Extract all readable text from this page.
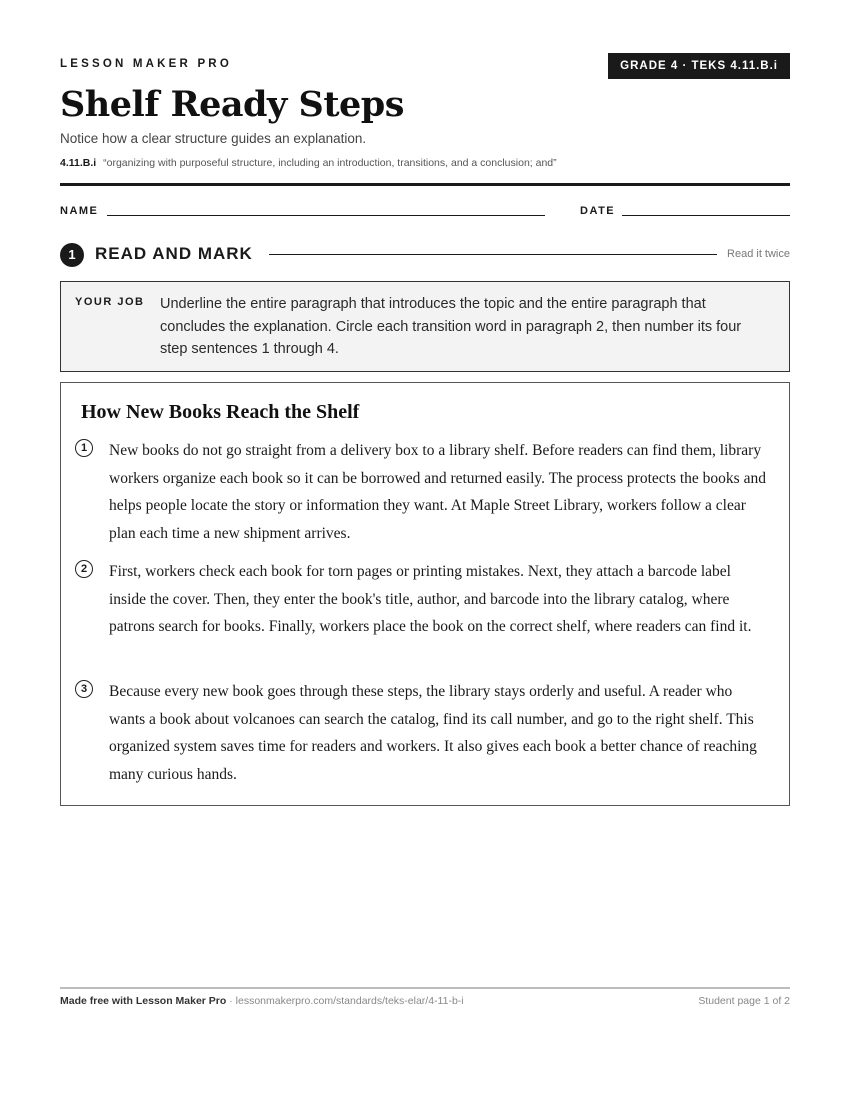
LESSON MAKER PRO	GRADE 4 · TEKS 4.11.B.i
Shelf Ready Steps
Notice how a clear structure guides an explanation.
4.11.B.i “organizing with purposeful structure, including an introduction, transitions, and a conclusion; and”
NAME	DATE
1	READ AND MARK	Read it twice
YOUR JOB Underline the entire paragraph that introduces the topic and the entire paragraph that concludes the explanation. Circle each transition word in paragraph 2, then number its four step sentences 1 through 4.
How New Books Reach the Shelf
1	New books do not go straight from a delivery box to a library shelf. Before readers can find them, library workers organize each book so it can be borrowed and returned easily. The process protects the books and helps people locate the story or information they want. At Maple Street Library, workers follow a clear plan each time a new shipment arrives.
2	First, workers check each book for torn pages or printing mistakes. Next, they attach a barcode label inside the cover. Then, they enter the book's title, author, and barcode into the library catalog, where patrons search for books. Finally, workers place the book on the correct shelf, where readers can find it.
3	Because every new book goes through these steps, the library stays orderly and useful. A reader who wants a book about volcanoes can search the catalog, find its call number, and go to the right shelf. This organized system saves time for readers and workers. It also gives each book a better chance of reaching many curious hands.
Made free with Lesson Maker Pro · lessonmakerpro.com/standards/teks-elar/4-11-b-i	Student page 1 of 2
